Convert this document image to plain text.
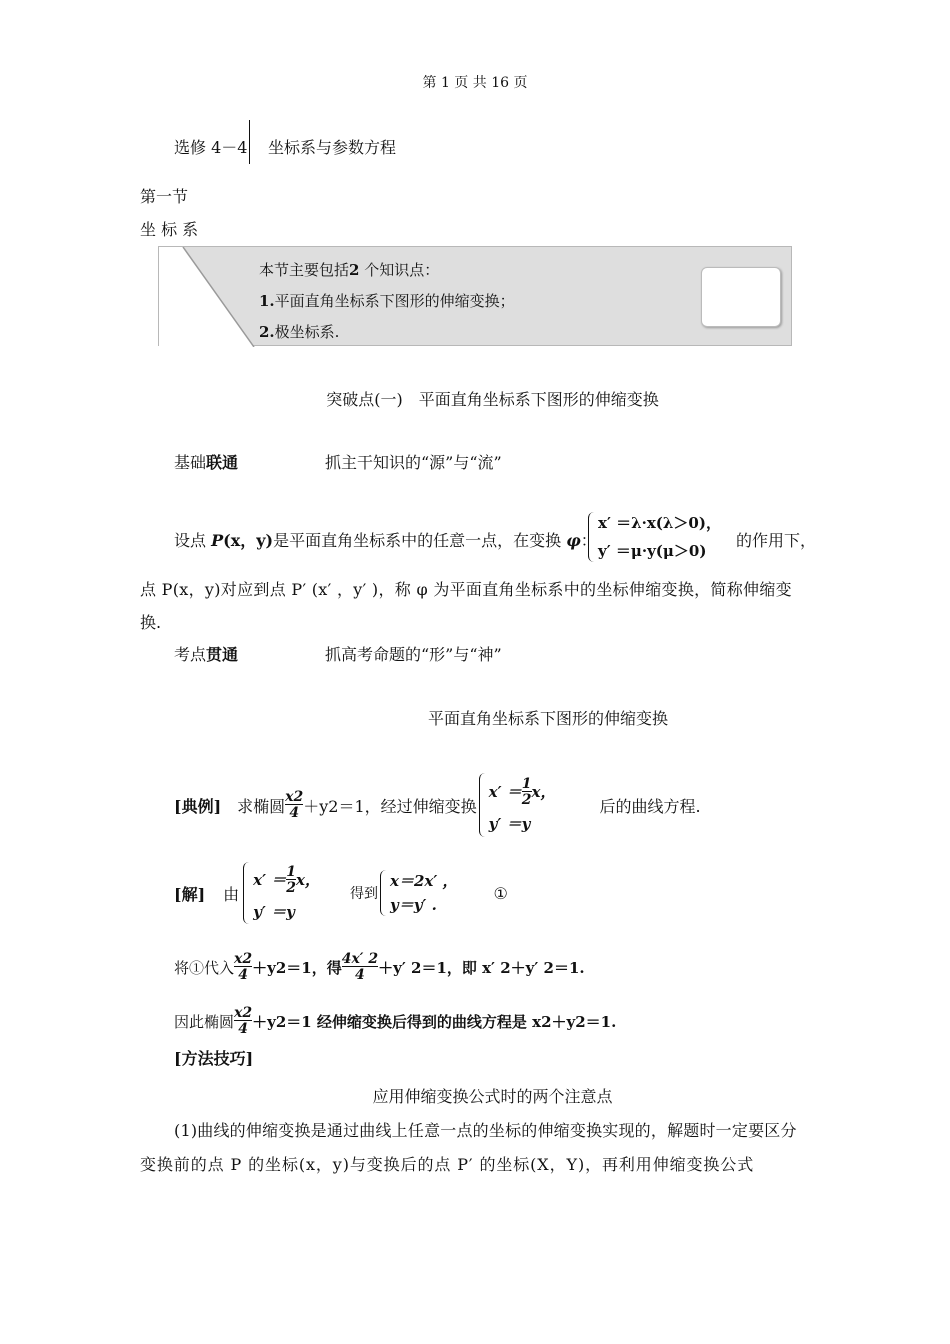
第 1 页 共 16 页
选修 4－4 坐标系与参数方程
第一节
坐 标 系
本节主要包括2 个知识点：
1.平面直角坐标系下图形的伸缩变换；
2.极坐标系.
突破点(一)　平面直角坐标系下图形的伸缩变换
基础联通	抓主干知识的“源”与“流”
设点 P(x，y)是平面直角坐标系中的任意一点，在变换 φ：
x′ ＝λ·x(λ＞0)，
y′ ＝μ·y(μ＞0)
的作用下，
点 P(x，y)对应到点 P′ (x′ ，y′ )，称 φ 为平面直角坐标系中的坐标伸缩变换，简称伸缩变
换.
考点贯通	抓高考命题的“形”与“神”
平面直角坐标系下图形的伸缩变换
[典例] 求椭圆 $\frac{x2}{4} +y2=1$，经过伸缩变换
$x' = \frac{1}{2}$ x，
y′ ＝y
后的曲线方程.
[解] 由
$x' = \frac{1}{2}$ x，
y′ ＝y
得到
x＝2x′ ，
y＝y′ .
①
将①代入 $\frac{x2}{4} +y2=1$，得 $\frac{4x' 2}{4} +y'$ 2＝1，即 x′ 2＋y′ 2＝1.
因此椭圆 $\frac{x2}{4} +y2=1$ 经伸缩变换后得到的曲线方程是 x2＋y2＝1.
[方法技巧]
应用伸缩变换公式时的两个注意点
(1)曲线的伸缩变换是通过曲线上任意一点的坐标的伸缩变换实现的，解题时一定要区分
变换前的点 P 的坐标(x，y)与变换后的点 P′ 的坐标(X，Y)，再利用伸缩变换公式
